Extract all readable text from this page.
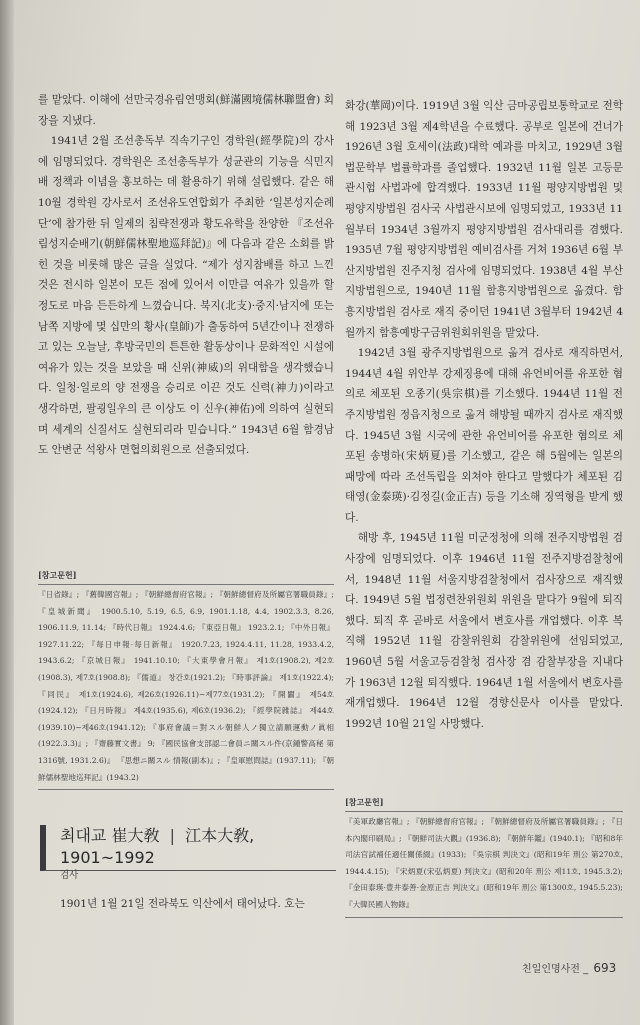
를 맡았다. 이해에 선만국경유림연맹회(鮮滿國境儒林聯盟會) 회장을 지냈다.

1941년 2월 조선총독부 직속기구인 경학원(經學院)의 강사에 임명되었다. 경학원은 조선총독부가 성균관의 기능을 식민지배 정책과 이념을 홍보하는 데 활용하기 위해 설립했다. 같은 해 10월 경학원 강사로서 조선유도연합회가 주최한 ‘일본성지순례단’에 참가한 뒤 일제의 침략전쟁과 황도유학을 찬양한 『조선유림성지순배기(朝鮮儒林聖地巡拜記)』에 다음과 같은 소회를 밝힌 것을 비롯해 많은 글을 실었다. “제가 성지참배를 하고 느낀 것은 전시하 일본이 모든 점에 있어서 이만큼 여유가 있을까 할 정도로 마음 든든하게 느꼈습니다. 북지(北支)·중지·남지에 또는 남쪽 지방에 몇 십만의 황사(皇師)가 출동하여 5년간이나 전쟁하고 있는 오늘날, 후방국민의 튼튼한 활동상이나 문화적인 시설에 여유가 있는 것을 보았을 때 신위(神威)의 위대함을 생각했습니다. 일청·일로의 양 전쟁을 승리로 이끈 것도 신력(神力)이라고 생각하면, 팔굉일우의 큰 이상도 이 신우(神佑)에 의하여 실현되며 세계의 신질서도 실현되리라 믿습니다.” 1943년 6월 함경남도 안변군 석왕사 면협의회원으로 선출되었다.

[참고문헌]
『日省錄』; 『舊韓國官報』; 『朝鮮總督府官報』; 『朝鮮總督府及所屬官署職員錄』; 『皇城新聞』 1900.5.10, 5.19, 6.5, 6.9, 1901.1.18, 4.4, 1902.3.3, 8.26, 1906.11.9, 11.14; 『時代日報』 1924.4.6; 『東亞日報』 1923.2.1; 『中外日報』 1927.11.22; 『每日申報·每日新報』 1920.7.23, 1924.4.11, 11.28, 1933.4.2, 1943.6.2; 『京城日報』 1941.10.10; 『大東學會月報』 제1호(1908.2), 제2호(1908.3), 제7호(1908.8); 『儒道』 창간호(1921.2); 『時事評論』 제1호(1922.4); 『同民』 제1호(1924.6), 제26호(1926.11)~제77호(1931.2); 『開闢』 제54호(1924.12); 『日月時報』 제4호(1935.6), 제6호(1936.2); 『經學院雜誌』 제44호(1939.10)~제46호(1941.12); 『事府會議＝對スル朝鮮人ノ獨立請願運動ノ眞相(1922.3.3)』; 『齋藤實文書』 9; 『國民協會支部認二會員ニ關スル件(京鍾警高秘 第1316號, 1931.2.6)』 『思想ニ關スル 情報(副本)』; 『皇軍慰問誌』(1937.11); 『朝鮮儒林聖地巡拜記』(1943.2)
최대교 崔大敎 | 江本大敎, 1901~1992
검사
1901년 1월 21일 전라북도 익산에서 태어났다. 호는

화강(華岡)이다. 1919년 3월 익산 금마공립보통학교로 전학해 1923년 3월 제4학년을 수료했다. 공부로 일본에 건너가 1926년 3월 호세이(法政)대학 예과를 마치고, 1929년 3월 법문학부 법률학과를 졸업했다. 1932년 11월 일본 고등문관시험 사법과에 합격했다. 1933년 11월 평양지방법원 및 평양지방법원 검사국 사법관시보에 임명되었고, 1933년 11월부터 1934년 3월까지 평양지방법원 검사대리를 겸했다. 1935년 7월 평양지방법원 예비검사를 거쳐 1936년 6월 부산지방법원 진주지청 검사에 임명되었다. 1938년 4월 부산지방법원으로, 1940년 11월 함흥지방법원으로 옮겼다. 함흥지방법원 검사로 재직 중이던 1941년 3월부터 1942년 4월까지 함흥예방구금위원회위원을 맡았다.

1942년 3월 광주지방법원으로 옮겨 검사로 재직하면서, 1944년 4월 위안부 강제징용에 대해 유언비어를 유포한 혐의로 체포된 오종기(吳宗棋)를 기소했다. 1944년 11월 전주지방법원 정읍지청으로 옮겨 해방될 때까지 검사로 재직했다. 1945년 3월 시국에 관한 유언비어를 유포한 혐의로 체포된 송병하(宋炳夏)를 기소했고, 같은 해 5월에는 일본의 패망에 따라 조선독립을 외쳐야 한다고 말했다가 체포된 김태영(金泰瑛)·김정길(金正吉) 등을 기소해 징역형을 받게 했다.

해방 후, 1945년 11월 미군정청에 의해 전주지방법원 검사장에 임명되었다. 이후 1946년 11월 전주지방검찰청에서, 1948년 11월 서울지방검찰청에서 검사장으로 재직했다. 1949년 5월 법정련찬위원회 위원을 맡다가 9월에 퇴직했다. 퇴직 후 곧바로 서울에서 변호사를 개업했다. 이후 복직해 1952년 11월 감찰위원회 감찰위원에 선임되었고, 1960년 5월 서울고등검찰청 검사장 겸 감찰부장을 지내다가 1963년 12월 퇴직했다. 1964년 1월 서울에서 변호사를 재개업했다. 1964년 12월 경향신문사 이사를 맡았다. 1992년 10월 21일 사망했다.

[참고문헌]
『美軍政廳官報』; 『朝鮮總督府官報』; 『朝鮮總督府及所屬官署職員錄』; 『日本內閣印刷局』; 『朝鮮司法大觀』(1936.8); 『朝鮮年鑑』(1940.1); 『昭和8年司法官試補任適任關係綴』(1933); 『吳宗棋 判決文』(昭和19年 刑公 第270호, 1944.4.15); 『宋炳夏(宋弘炳夏) 判決文』(昭和20年 刑公 제11호, 1945.3.2); 『金田泰瑛·豊井泰善·金原正吉 判決文』(昭和19年 刑公 第1300호, 1945.5.23); 『大韓民國人物錄』
친일인명사전 _ 693
